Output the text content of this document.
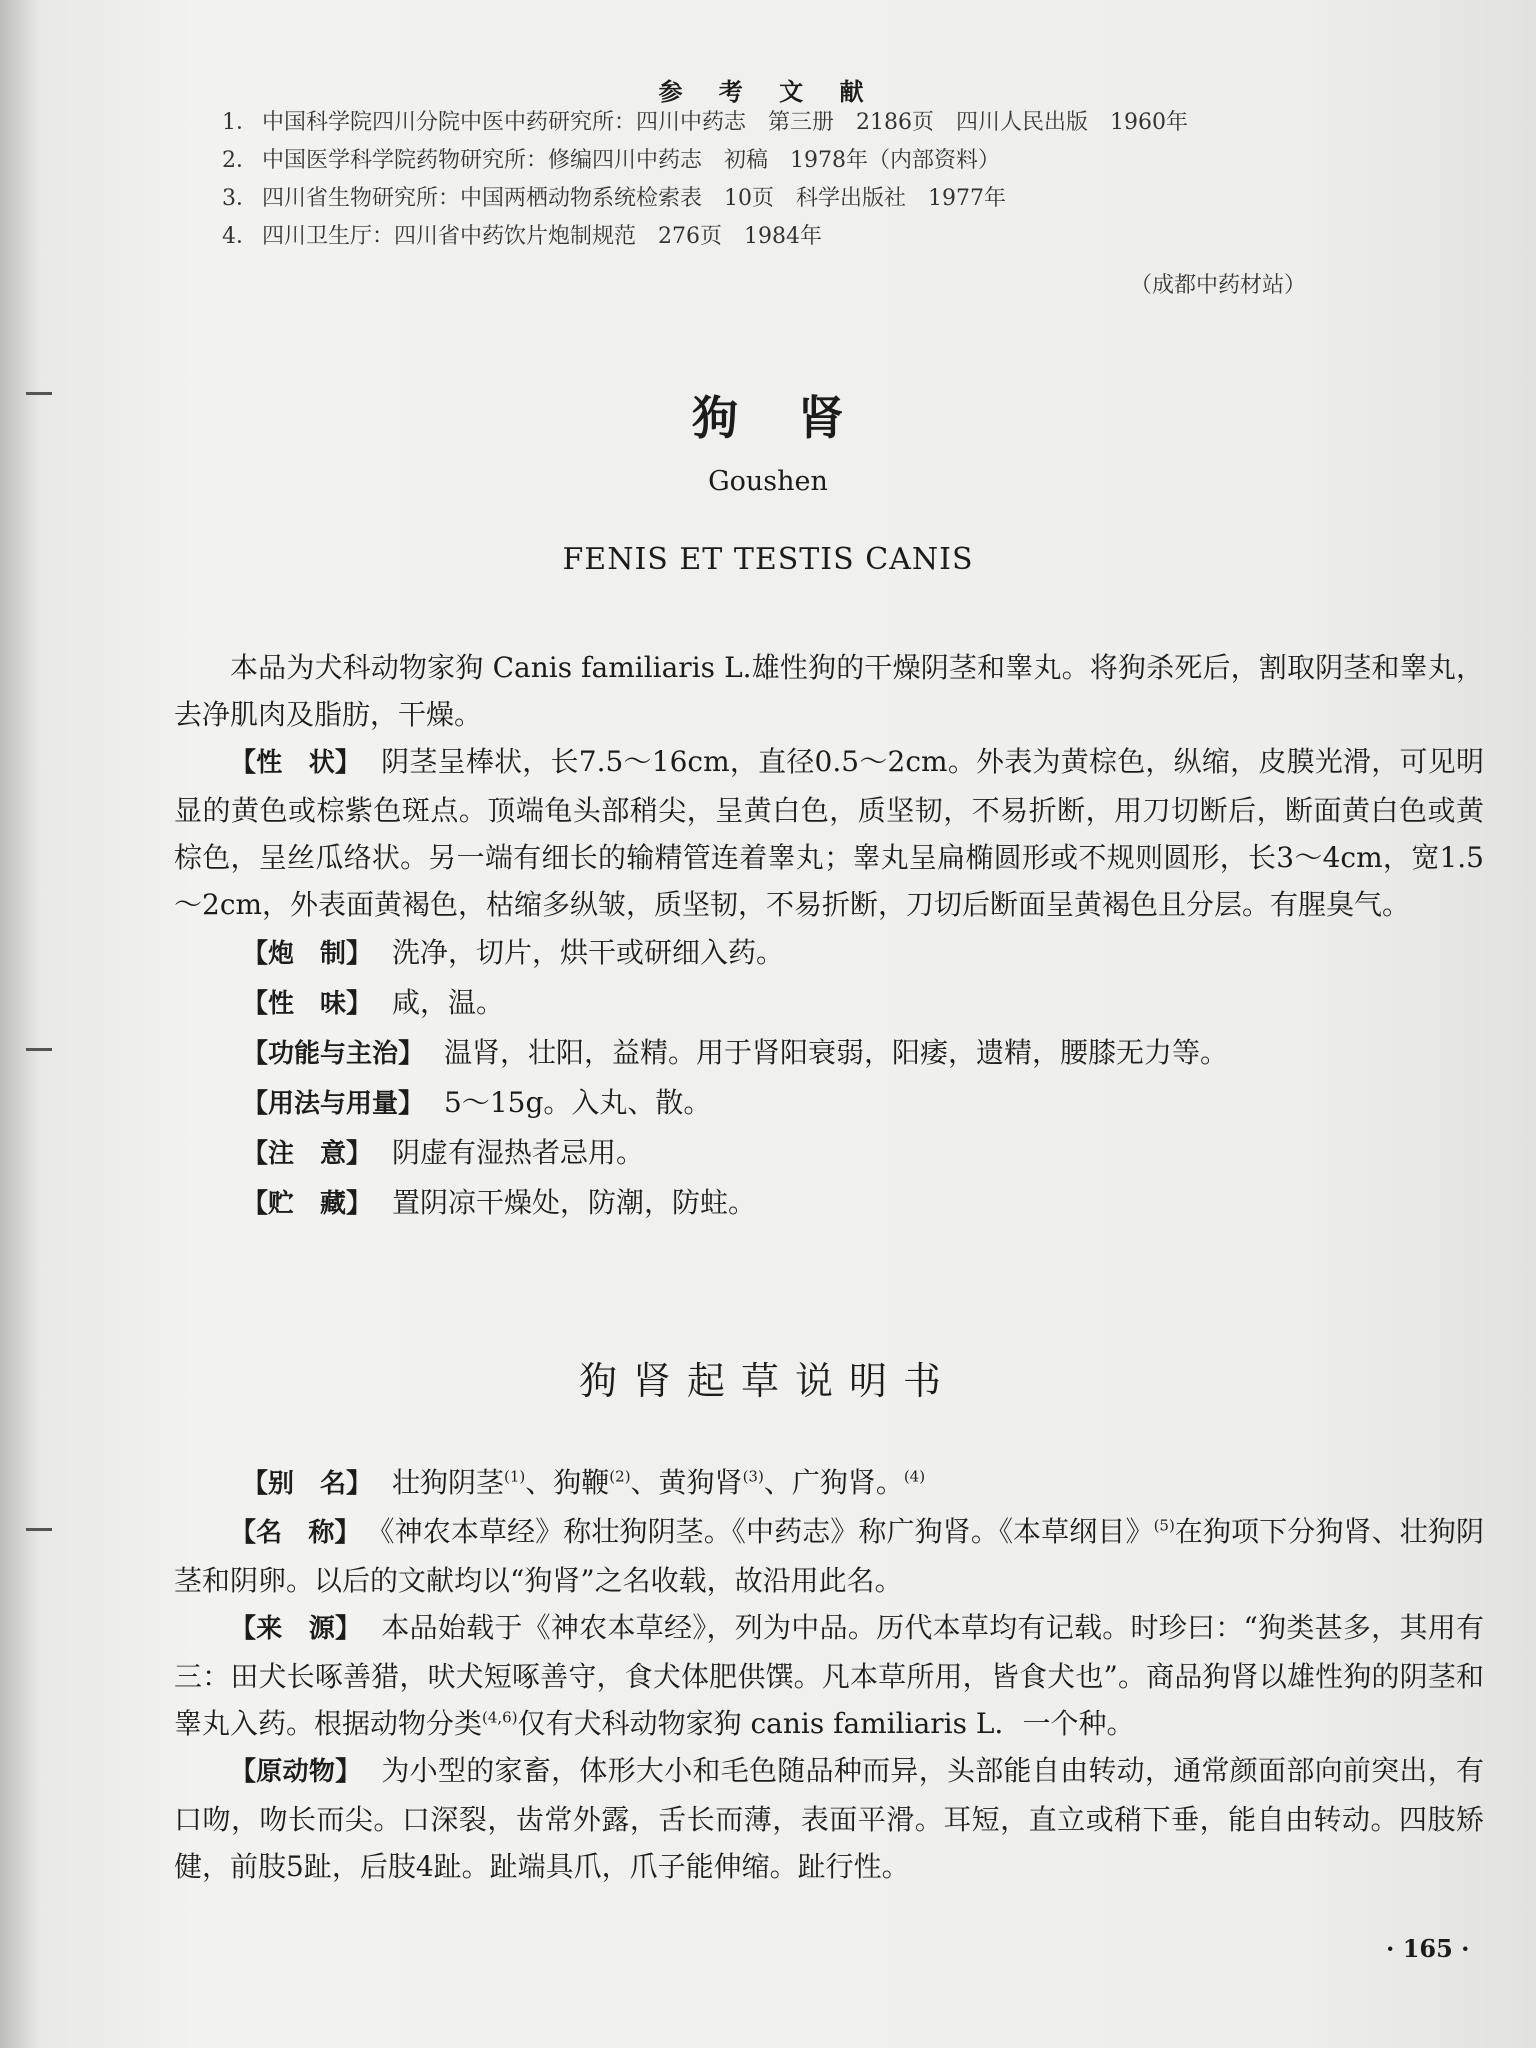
参 考 文 献
1． 中国科学院四川分院中医中药研究所：四川中药志　第三册　2186页　四川人民出版　1960年
2． 中国医学科学院药物研究所：修编四川中药志　初稿　1978年（内部资料）
3． 四川省生物研究所：中国两栖动物系统检索表　10页　科学出版社　1977年
4． 四川卫生厅：四川省中药饮片炮制规范　276页　1984年
（成都中药材站）
狗肾
Goushen
FENIS ET TESTIS CANIS

本品为犬科动物家狗 Canis familiaris L.雄性狗的干燥阴茎和睾丸。将狗杀死后，割取阴茎和睾丸，去净肌肉及脂肪，干燥。

【性　状】 阴茎呈棒状，长7.5～16cm，直径0.5～2cm。外表为黄棕色，纵缩，皮膜光滑，可见明显的黄色或棕紫色斑点。顶端龟头部稍尖，呈黄白色，质坚韧，不易折断，用刀切断后，断面黄白色或黄棕色，呈丝瓜络状。另一端有细长的输精管连着睾丸；睾丸呈扁椭圆形或不规则圆形，长3～4cm，宽1.5～2cm，外表面黄褐色，枯缩多纵皱，质坚韧，不易折断，刀切后断面呈黄褐色且分层。有腥臭气。

【炮　制】 洗净，切片，烘干或研细入药。
【性　味】 咸，温。
【功能与主治】 温肾，壮阳，益精。用于肾阳衰弱，阳痿，遗精，腰膝无力等。
【用法与用量】 5～15g。入丸、散。
【注　意】 阴虚有湿热者忌用。
【贮　藏】 置阴凉干燥处，防潮，防蛀。
狗肾起草说明书
【别　名】 壮狗阴茎$^{(1)}$、狗鞭$^{(2)}$、黄狗肾$^{(3)}$、广狗肾。$^{(4)}$

【名　称】 《神农本草经》称壮狗阴茎。《中药志》称广狗肾。《本草纲目》$^{(5)}$在狗项下分狗肾、壮狗阴茎和阴卵。以后的文献均以“狗肾”之名收载，故沿用此名。

【来　源】 本品始载于《神农本草经》，列为中品。历代本草均有记载。时珍曰：“狗类甚多，其用有三：田犬长啄善猎，吠犬短啄善守，食犬体肥供馔。凡本草所用，皆食犬也”。商品狗肾以雄性狗的阴茎和睾丸入药。根据动物分类$^{(4,6)}$仅有犬科动物家狗 canis familiaris L．一个种。

【原动物】 为小型的家畜，体形大小和毛色随品种而异，头部能自由转动，通常颜面部向前突出，有口吻，吻长而尖。口深裂，齿常外露，舌长而薄，表面平滑。耳短，直立或稍下垂，能自由转动。四肢矫健，前肢5趾，后肢4趾。趾端具爪，爪子能伸缩。趾行性。

· 165 ·
